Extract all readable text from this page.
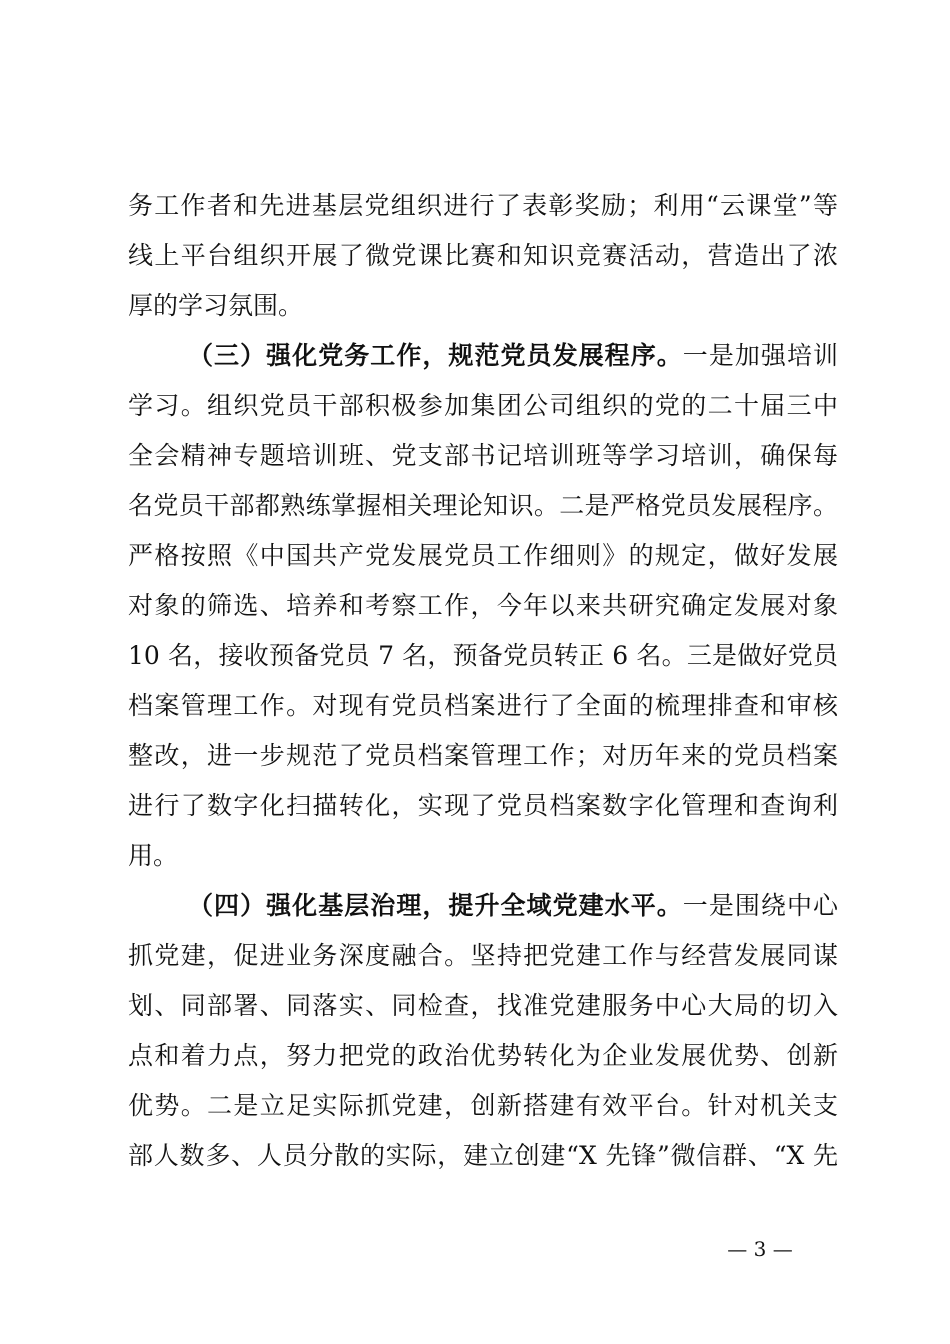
务工作者和先进基层党组织进行了表彰奖励；利用“云课堂”等
线上平台组织开展了微党课比赛和知识竞赛活动，营造出了浓
厚的学习氛围。
（三）强化党务工作，规范党员发展程序。一是加强培训
学习。组织党员干部积极参加集团公司组织的党的二十届三中
全会精神专题培训班、党支部书记培训班等学习培训，确保每
名党员干部都熟练掌握相关理论知识。二是严格党员发展程序。
严格按照《中国共产党发展党员工作细则》的规定，做好发展
对象的筛选、培养和考察工作，今年以来共研究确定发展对象
10 名，接收预备党员 7 名，预备党员转正 6 名。三是做好党员
档案管理工作。对现有党员档案进行了全面的梳理排查和审核
整改，进一步规范了党员档案管理工作；对历年来的党员档案
进行了数字化扫描转化，实现了党员档案数字化管理和查询利
用。
（四）强化基层治理，提升全域党建水平。一是围绕中心
抓党建，促进业务深度融合。坚持把党建工作与经营发展同谋
划、同部署、同落实、同检查，找准党建服务中心大局的切入
点和着力点，努力把党的政治优势转化为企业发展优势、创新
优势。二是立足实际抓党建，创新搭建有效平台。针对机关支
部人数多、人员分散的实际，建立创建“X 先锋”微信群、“X 先
— 3 —
